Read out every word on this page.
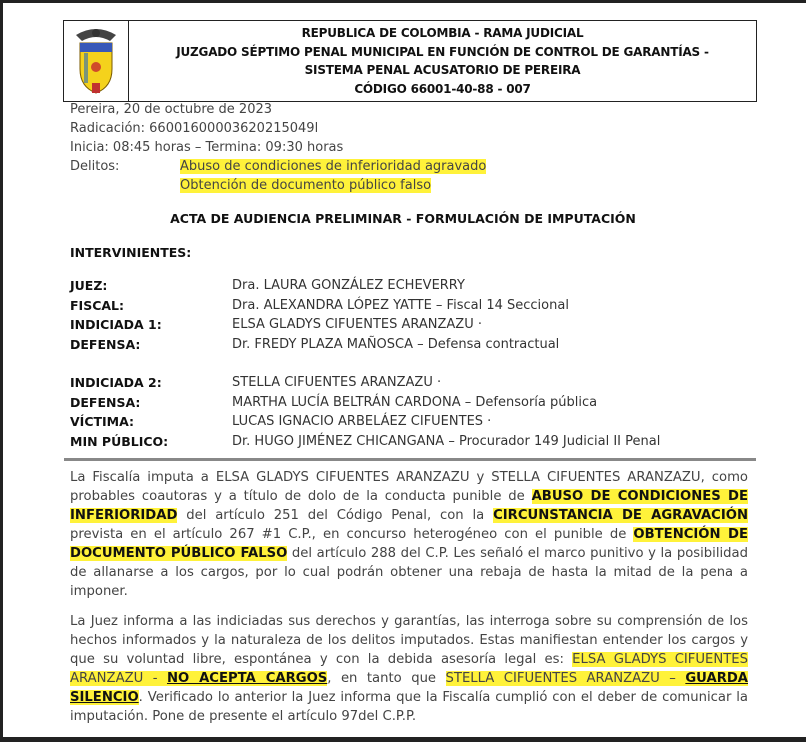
REPUBLICA DE COLOMBIA - RAMA JUDICIAL
JUZGADO SÉPTIMO PENAL MUNICIPAL EN FUNCIÓN DE CONTROL DE GARANTÍAS -
SISTEMA PENAL ACUSATORIO DE PEREIRA
CÓDIGO 66001-40-88 - 007
Pereira, 20 de octubre de 2023
Radicación: 66001600003620215049l
Inicia: 08:45 horas – Termina: 09:30 horas
Delitos:	Abuso de condiciones de inferioridad agravado
Obtención de documento público falso
ACTA DE AUDIENCIA PRELIMINAR - FORMULACIÓN DE IMPUTACIÓN
INTERVINIENTES:
JUEZ:	Dra. LAURA GONZÁLEZ ECHEVERRY
FISCAL:	Dra. ALEXANDRA LÓPEZ YATTE – Fiscal 14 Seccional
INDICIADA 1:	ELSA GLADYS CIFUENTES ARANZAZU ·
DEFENSA:	Dr. FREDY PLAZA MAÑOSCA – Defensa contractual
INDICIADA 2:	STELLA CIFUENTES ARANZAZU ·
DEFENSA:	MARTHA LUCÍA BELTRÁN CARDONA – Defensoría pública
VÍCTIMA:	LUCAS IGNACIO ARBELÁEZ CIFUENTES ·
MIN PÚBLICO:	Dr. HUGO JIMÉNEZ CHICANGANA – Procurador 149 Judicial II Penal
La Fiscalía imputa a ELSA GLADYS CIFUENTES ARANZAZU y STELLA CIFUENTES ARANZAZU, como probables coautoras y a título de dolo de la conducta punible de ABUSO DE CONDICIONES DE INFERIORIDAD del artículo 251 del Código Penal, con la CIRCUNSTANCIA DE AGRAVACIÓN prevista en el artículo 267 #1 C.P., en concurso heterogéneo con el punible de OBTENCIÓN DE DOCUMENTO PÚBLICO FALSO del artículo 288 del C.P. Les señaló el marco punitivo y la posibilidad de allanarse a los cargos, por lo cual podrán obtener una rebaja de hasta la mitad de la pena a imponer.
La Juez informa a las indiciadas sus derechos y garantías, las interroga sobre su comprensión de los hechos informados y la naturaleza de los delitos imputados. Estas manifiestan entender los cargos y que su voluntad libre, espontánea y con la debida asesoría legal es: ELSA GLADYS CIFUENTES ARANZAZU - NO ACEPTA CARGOS, en tanto que STELLA CIFUENTES ARANZAZU – GUARDA SILENCIO. Verificado lo anterior la Juez informa que la Fiscalía cumplió con el deber de comunicar la imputación. Pone de presente el artículo 97del C.P.P.
